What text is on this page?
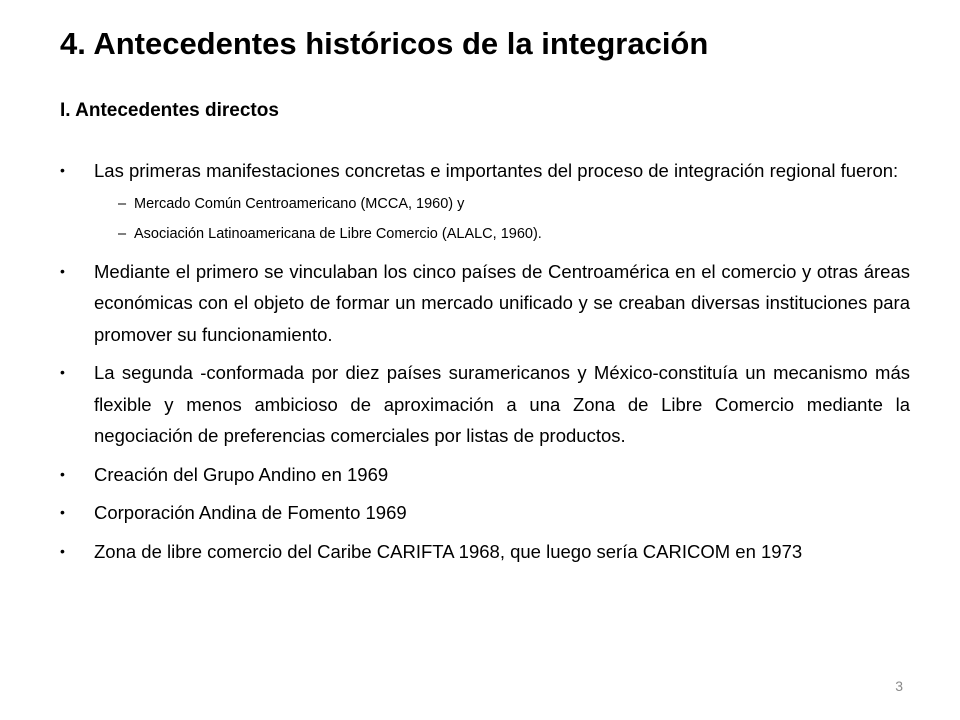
4. Antecedentes históricos de la integración
I. Antecedentes directos
•	Las primeras manifestaciones concretas e importantes del proceso de integración regional fueron:
– Mercado Común Centroamericano (MCCA, 1960) y
– Asociación Latinoamericana de Libre Comercio (ALALC, 1960).
•	Mediante el primero se vinculaban los cinco países de Centroamérica en el comercio y otras áreas económicas con el objeto de formar un mercado unificado y se creaban diversas instituciones para promover su funcionamiento.
•	La segunda -conformada por diez países suramericanos y México-constituía un mecanismo más flexible y menos ambicioso de aproximación a una Zona de Libre Comercio mediante la negociación de preferencias comerciales por listas de productos.
•	Creación del Grupo Andino en 1969
•	Corporación Andina de Fomento 1969
•	Zona de libre comercio del Caribe CARIFTA 1968, que luego sería CARICOM en 1973
3
